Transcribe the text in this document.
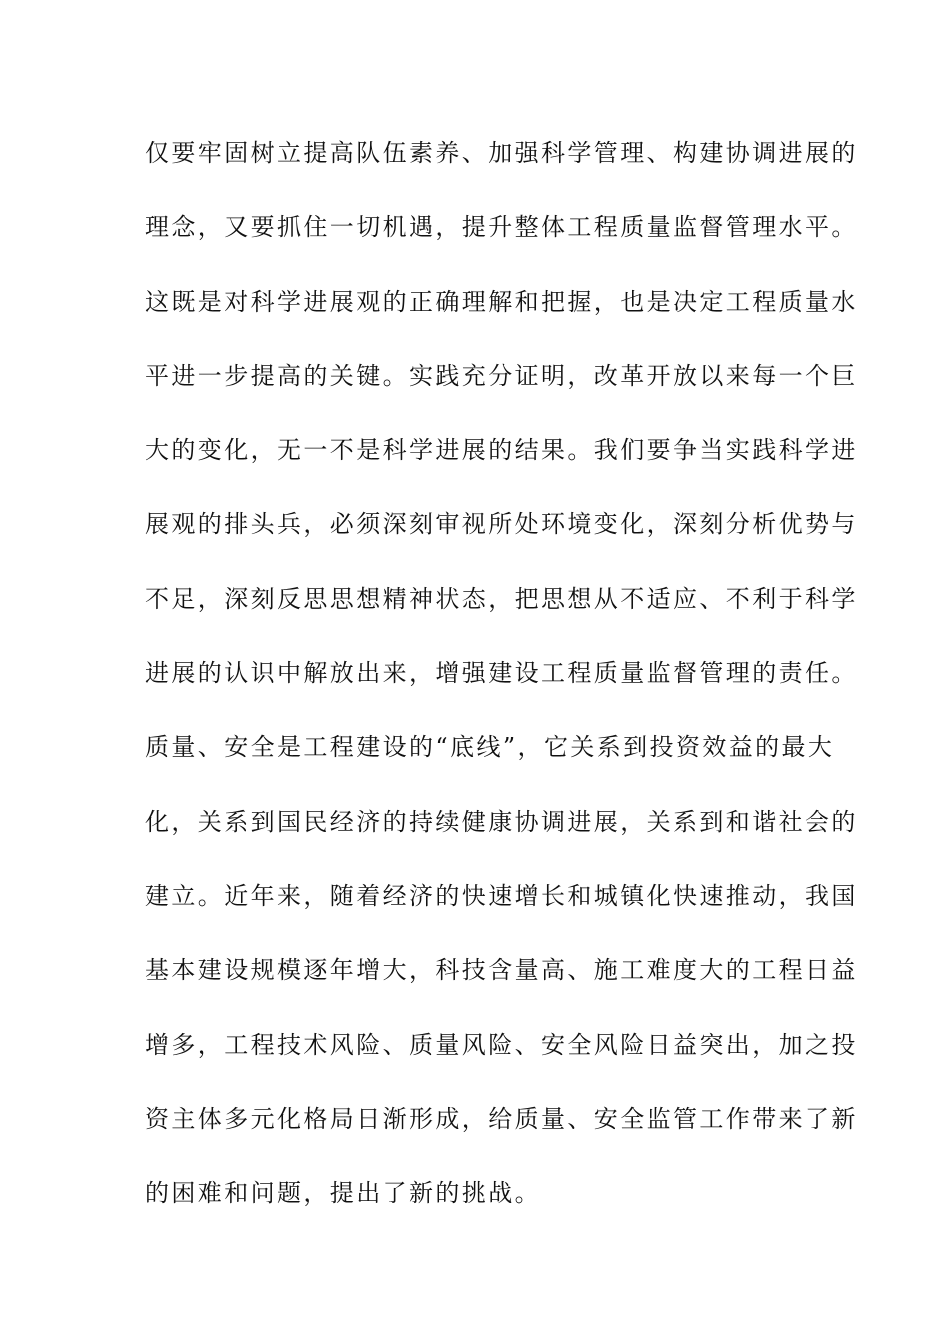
仅要牢固树立提高队伍素养、加强科学管理、构建协调进展的
理念，又要抓住一切机遇，提升整体工程质量监督管理水平。
这既是对科学进展观的正确理解和把握，也是决定工程质量水
平进一步提高的关键。实践充分证明，改革开放以来每一个巨
大的变化，无一不是科学进展的结果。我们要争当实践科学进
展观的排头兵，必须深刻审视所处环境变化，深刻分析优势与
不足，深刻反思思想精神状态，把思想从不适应、不利于科学
进展的认识中解放出来，增强建设工程质量监督管理的责任。
质量、安全是工程建设的“底线”，它关系到投资效益的最大
化，关系到国民经济的持续健康协调进展，关系到和谐社会的
建立。近年来，随着经济的快速增长和城镇化快速推动，我国
基本建设规模逐年增大，科技含量高、施工难度大的工程日益
增多，工程技术风险、质量风险、安全风险日益突出，加之投
资主体多元化格局日渐形成，给质量、安全监管工作带来了新
的困难和问题，提出了新的挑战。
